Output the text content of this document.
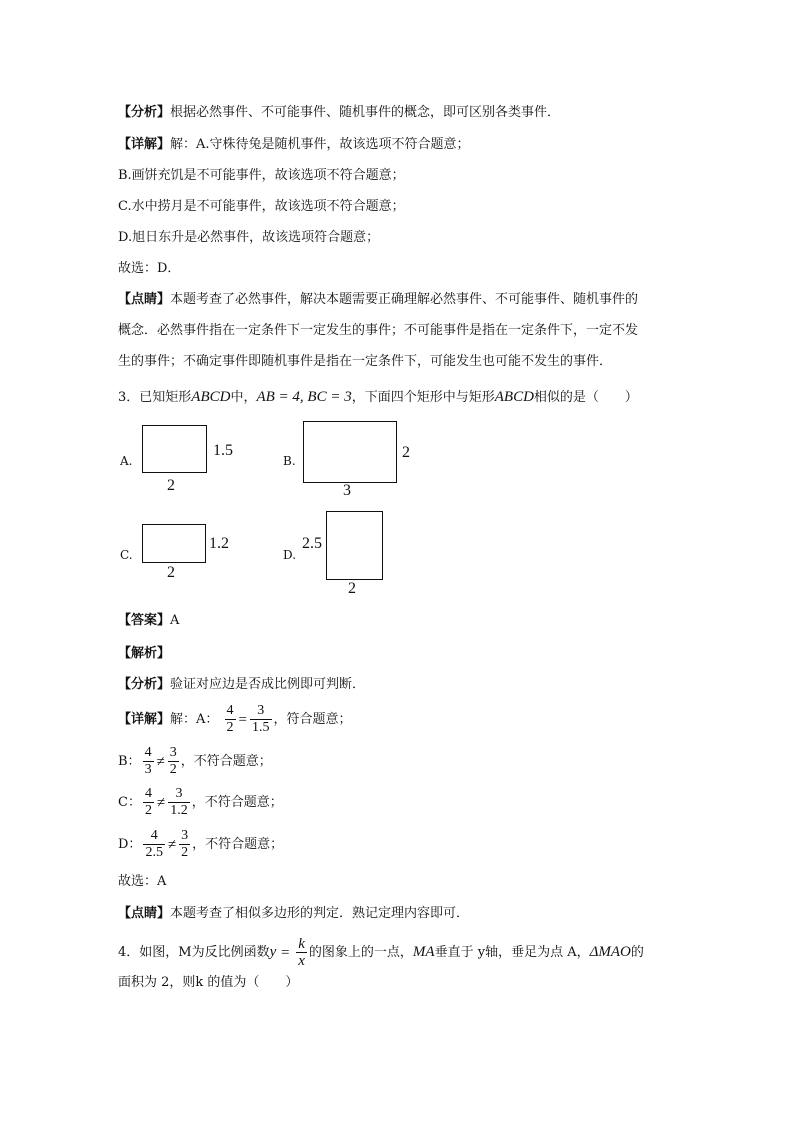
【分析】根据必然事件、不可能事件、随机事件的概念，即可区别各类事件．
【详解】解：A.守株待兔是随机事件，故该选项不符合题意；
B.画饼充饥是不可能事件，故该选项不符合题意；
C.水中捞月是不可能事件，故该选项不符合题意；
D.旭日东升是必然事件，故该选项符合题意；
故选：D．
【点睛】本题考查了必然事件，解决本题需要正确理解必然事件、不可能事件、随机事件的
概念．必然事件指在一定条件下一定发生的事件；不可能事件是指在一定条件下，一定不发
生的事件；不确定事件即随机事件是指在一定条件下，可能发生也可能不发生的事件．
3．已知矩形ABCD中，AB = 4, BC = 3，下面四个矩形中与矩形ABCD相似的是（　　）
A.
1.5
2
B.	2
3
C.
1.2
2
D.
2.5
2
【答案】A
【解析】
【分析】验证对应边是否成比例即可判断．
【详解】解：A： $\frac{4}{2} = \frac{3}{1.5}$ ，符合题意；
B： $\frac{4}{3} \ne \frac{3}{2}$ ，不符合题意；
C： $\frac{4}{2} \ne \frac{3}{1.2}$ ，不符合题意；
D： $\frac{4}{2.5} \ne \frac{3}{2}$ ，不符合题意；
故选：A
【点睛】本题考查了相似多边形的判定．熟记定理内容即可．
4．如图，M为反比例函数$y = \frac{k}{x}$ 的图象上的一点，MA垂直于 y轴，垂足为点 A，ΔMAO的
面积为 2，则k 的值为（　　）
